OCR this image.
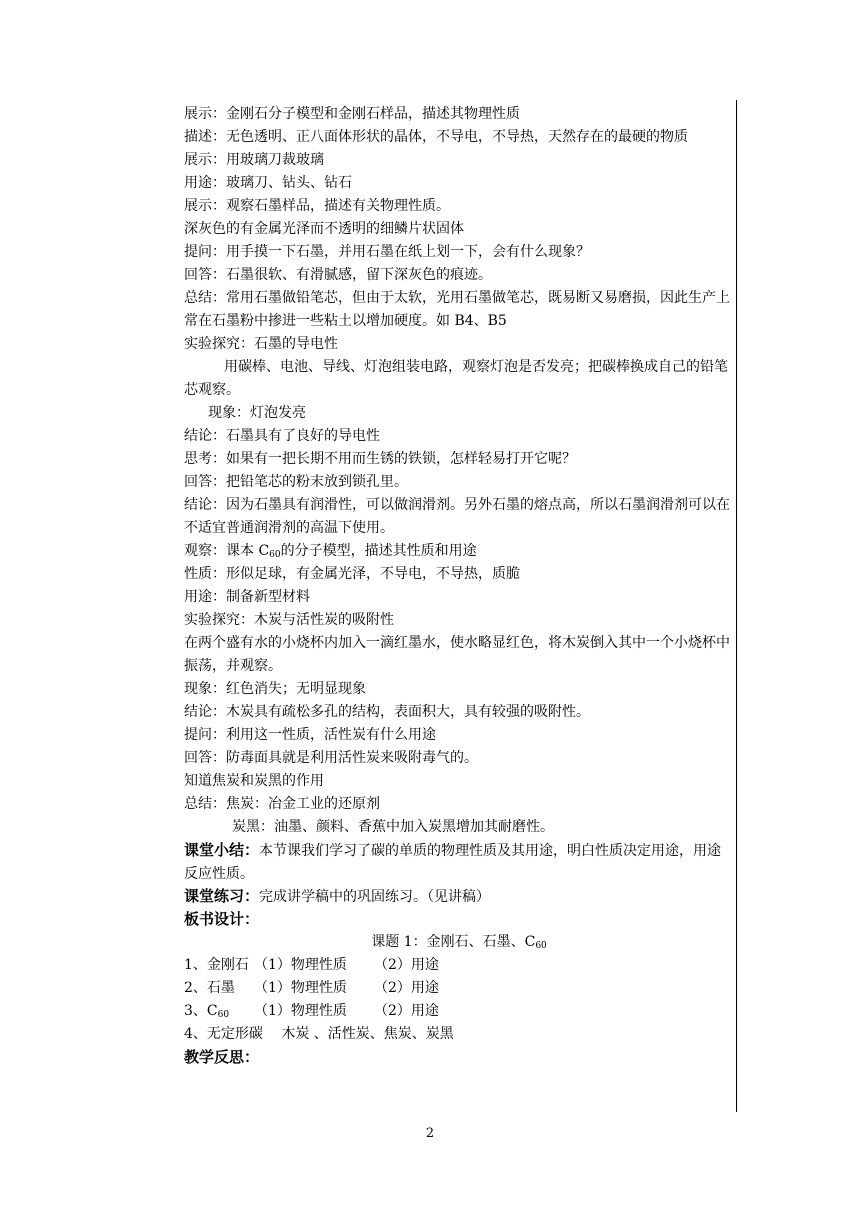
展示：金刚石分子模型和金刚石样品，描述其物理性质
描述：无色透明、正八面体形状的晶体，不导电，不导热，天然存在的最硬的物质
展示：用玻璃刀裁玻璃
用途：玻璃刀、钻头、钻石
展示：观察石墨样品，描述有关物理性质。
深灰色的有金属光泽而不透明的细鳞片状固体
提问：用手摸一下石墨，并用石墨在纸上划一下，会有什么现象？
回答：石墨很软、有滑腻感，留下深灰色的痕迹。
总结：常用石墨做铅笔芯，但由于太软，光用石墨做笔芯，既易断又易磨损，因此生产上常在石墨粉中掺进一些粘土以增加硬度。如 B4、B5
实验探究：石墨的导电性
用碳棒、电池、导线、灯泡组装电路，观察灯泡是否发亮；把碳棒换成自己的铅笔芯观察。
现象：灯泡发亮
结论：石墨具有了良好的导电性
思考：如果有一把长期不用而生锈的铁锁，怎样轻易打开它呢？
回答：把铅笔芯的粉末放到锁孔里。
结论：因为石墨具有润滑性，可以做润滑剂。另外石墨的熔点高，所以石墨润滑剂可以在不适宜普通润滑剂的高温下使用。
观察：课本 $C_{60}$的分子模型，描述其性质和用途
性质：形似足球，有金属光泽，不导电，不导热，质脆
用途：制备新型材料
实验探究：木炭与活性炭的吸附性
在两个盛有水的小烧杯内加入一滴红墨水，使水略显红色，将木炭倒入其中一个小烧杯中振荡，并观察。
现象：红色消失；无明显现象
结论：木炭具有疏松多孔的结构，表面积大，具有较强的吸附性。
提问：利用这一性质，活性炭有什么用途
回答：防毒面具就是利用活性炭来吸附毒气的。
知道焦炭和炭黑的作用
总结：焦炭：冶金工业的还原剂
炭黑：油墨、颜料、香蕉中加入炭黑增加其耐磨性。
课堂小结：本节课我们学习了碳的单质的物理性质及其用途，明白性质决定用途，用途反应性质。
课堂练习：完成讲学稿中的巩固练习。（见讲稿）
板书设计：
课题 1：金刚石、石墨、$C_{60}$
1、金刚石 （1）物理性质 （2）用途
2、石墨 （1）物理性质 （2）用途
3、$C_{60}$ （1）物理性质 （2）用途
4、无定形碳　 木炭 、活性炭、焦炭、炭黑
教学反思：
2
